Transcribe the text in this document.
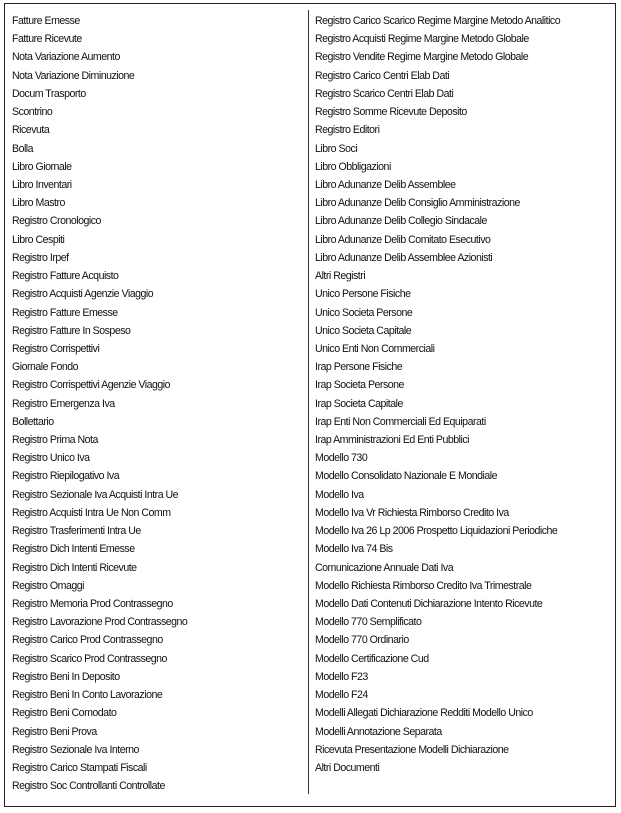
Fatture Emesse
Fatture Ricevute
Nota Variazione Aumento
Nota Variazione Diminuzione
Docum Trasporto
Scontrino
Ricevuta
Bolla
Libro Giornale
Libro Inventari
Libro Mastro
Registro Cronologico
Libro Cespiti
Registro Irpef
Registro Fatture Acquisto
Registro Acquisti Agenzie Viaggio
Registro Fatture Emesse
Registro Fatture In Sospeso
Registro Corrispettivi
Giornale Fondo
Registro Corrispettivi Agenzie Viaggio
Registro Emergenza Iva
Bollettario
Registro Prima Nota
Registro Unico Iva
Registro Riepilogativo Iva
Registro Sezionale Iva Acquisti Intra Ue
Registro Acquisti Intra Ue Non Comm
Registro Trasferimenti Intra Ue
Registro Dich Intenti Emesse
Registro Dich Intenti Ricevute
Registro Omaggi
Registro Memoria Prod Contrassegno
Registro Lavorazione Prod Contrassegno
Registro Carico Prod Contrassegno
Registro Scarico Prod Contrassegno
Registro Beni In Deposito
Registro Beni In Conto Lavorazione
Registro Beni Comodato
Registro Beni Prova
Registro Sezionale Iva Interno
Registro Carico Stampati Fiscali
Registro Soc Controllanti Controllate
Registro Carico Scarico Regime Margine Metodo Analitico
Registro Acquisti Regime Margine Metodo Globale
Registro Vendite Regime Margine Metodo Globale
Registro Carico Centri Elab Dati
Registro Scarico Centri Elab Dati
Registro Somme Ricevute Deposito
Registro Editori
Libro Soci
Libro Obbligazioni
Libro Adunanze Delib Assemblee
Libro Adunanze Delib Consiglio Amministrazione
Libro Adunanze Delib Collegio Sindacale
Libro Adunanze Delib Comitato Esecutivo
Libro Adunanze Delib Assemblee Azionisti
Altri Registri
Unico Persone Fisiche
Unico Societa Persone
Unico Societa Capitale
Unico Enti Non Commerciali
Irap Persone Fisiche
Irap Societa Persone
Irap Societa Capitale
Irap Enti Non Commerciali Ed Equiparati
Irap Amministrazioni Ed Enti Pubblici
Modello 730
Modello Consolidato Nazionale E Mondiale
Modello Iva
Modello Iva Vr Richiesta Rimborso Credito Iva
Modello Iva 26 Lp 2006 Prospetto Liquidazioni Periodiche
Modello Iva 74 Bis
Comunicazione Annuale Dati Iva
Modello Richiesta Rimborso Credito Iva Trimestrale
Modello Dati Contenuti Dichiarazione Intento Ricevute
Modello 770 Semplificato
Modello 770 Ordinario
Modello Certificazione Cud
Modello F23
Modello F24
Modelli Allegati Dichiarazione Redditi Modello Unico
Modelli Annotazione Separata
Ricevuta Presentazione Modelli Dichiarazione
Altri Documenti
